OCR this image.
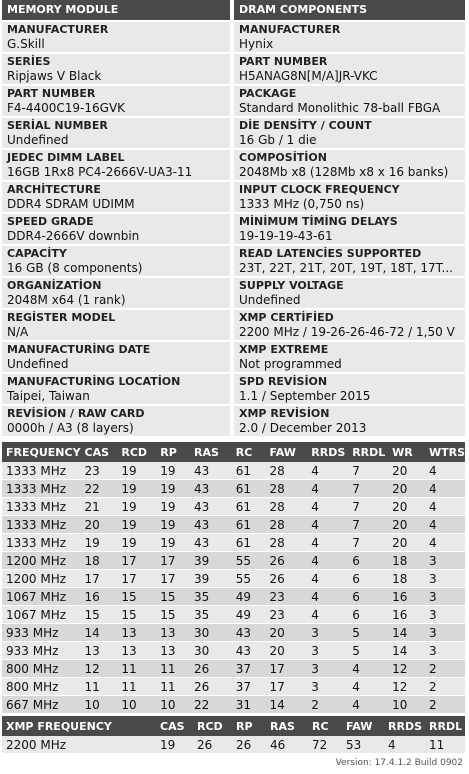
MEMORY MODULE	DRAM COMPONENTS
MANUFACTURER
G.Skill
SERİES
Ripjaws V Black
PART NUMBER
F4-4400C19-16GVK
SERİAL NUMBER
Undefined
JEDEC DIMM LABEL
16GB 1Rx8 PC4-2666V-UA3-11
ARCHİTECTURE
DDR4 SDRAM UDIMM
SPEED GRADE
DDR4-2666V downbin
CAPACİTY
16 GB (8 components)
ORGANİZATİON
2048M x64 (1 rank)
REGİSTER MODEL
N/A
MANUFACTURİNG DATE
Undefined
MANUFACTURİNG LOCATİON
Taipei, Taiwan
REVİSİON / RAW CARD
0000h / A3 (8 layers)
MANUFACTURER
Hynix
PART NUMBER
H5ANAG8N[M/A]JR-VKC
PACKAGE
Standard Monolithic 78-ball FBGA
DİE DENSİTY / COUNT
16 Gb / 1 die
COMPOSİTİON
2048Mb x8 (128Mb x8 x 16 banks)
INPUT CLOCK FREQUENCY
1333 MHz (0,750 ns)
MİNİMUM TİMİNG DELAYS
19-19-19-43-61
READ LATENCİES SUPPORTED
23T, 22T, 21T, 20T, 19T, 18T, 17T...
SUPPLY VOLTAGE
Undefined
XMP CERTİFİED
2200 MHz / 19-26-26-46-72 / 1,50 V
XMP EXTREME
Not programmed
SPD REVİSİON
1.1 / September 2015
XMP REVİSİON
2.0 / December 2013
FREQUENCY	CAS	RCD	RP	RAS	RC	FAW	RRDS	RRDL	WR	WTRS
1333 MHz	23	19	19	43	61	28	4	7	20	4
1333 MHz	22	19	19	43	61	28	4	7	20	4
1333 MHz	21	19	19	43	61	28	4	7	20	4
1333 MHz	20	19	19	43	61	28	4	7	20	4
1333 MHz	19	19	19	43	61	28	4	7	20	4
1200 MHz	18	17	17	39	55	26	4	6	18	3
1200 MHz	17	17	17	39	55	26	4	6	18	3
1067 MHz	16	15	15	35	49	23	4	6	16	3
1067 MHz	15	15	15	35	49	23	4	6	16	3
933 MHz	14	13	13	30	43	20	3	5	14	3
933 MHz	13	13	13	30	43	20	3	5	14	3
800 MHz	12	11	11	26	37	17	3	4	12	2
800 MHz	11	11	11	26	37	17	3	4	12	2
667 MHz	10	10	10	22	31	14	2	4	10	2
XMP FREQUENCY	CAS	RCD	RP	RAS	RC	FAW	RRDS	RRDL
2200 MHz	19	26	26	46	72	53	4	11
Version: 17.4.1.2 Build 0902
